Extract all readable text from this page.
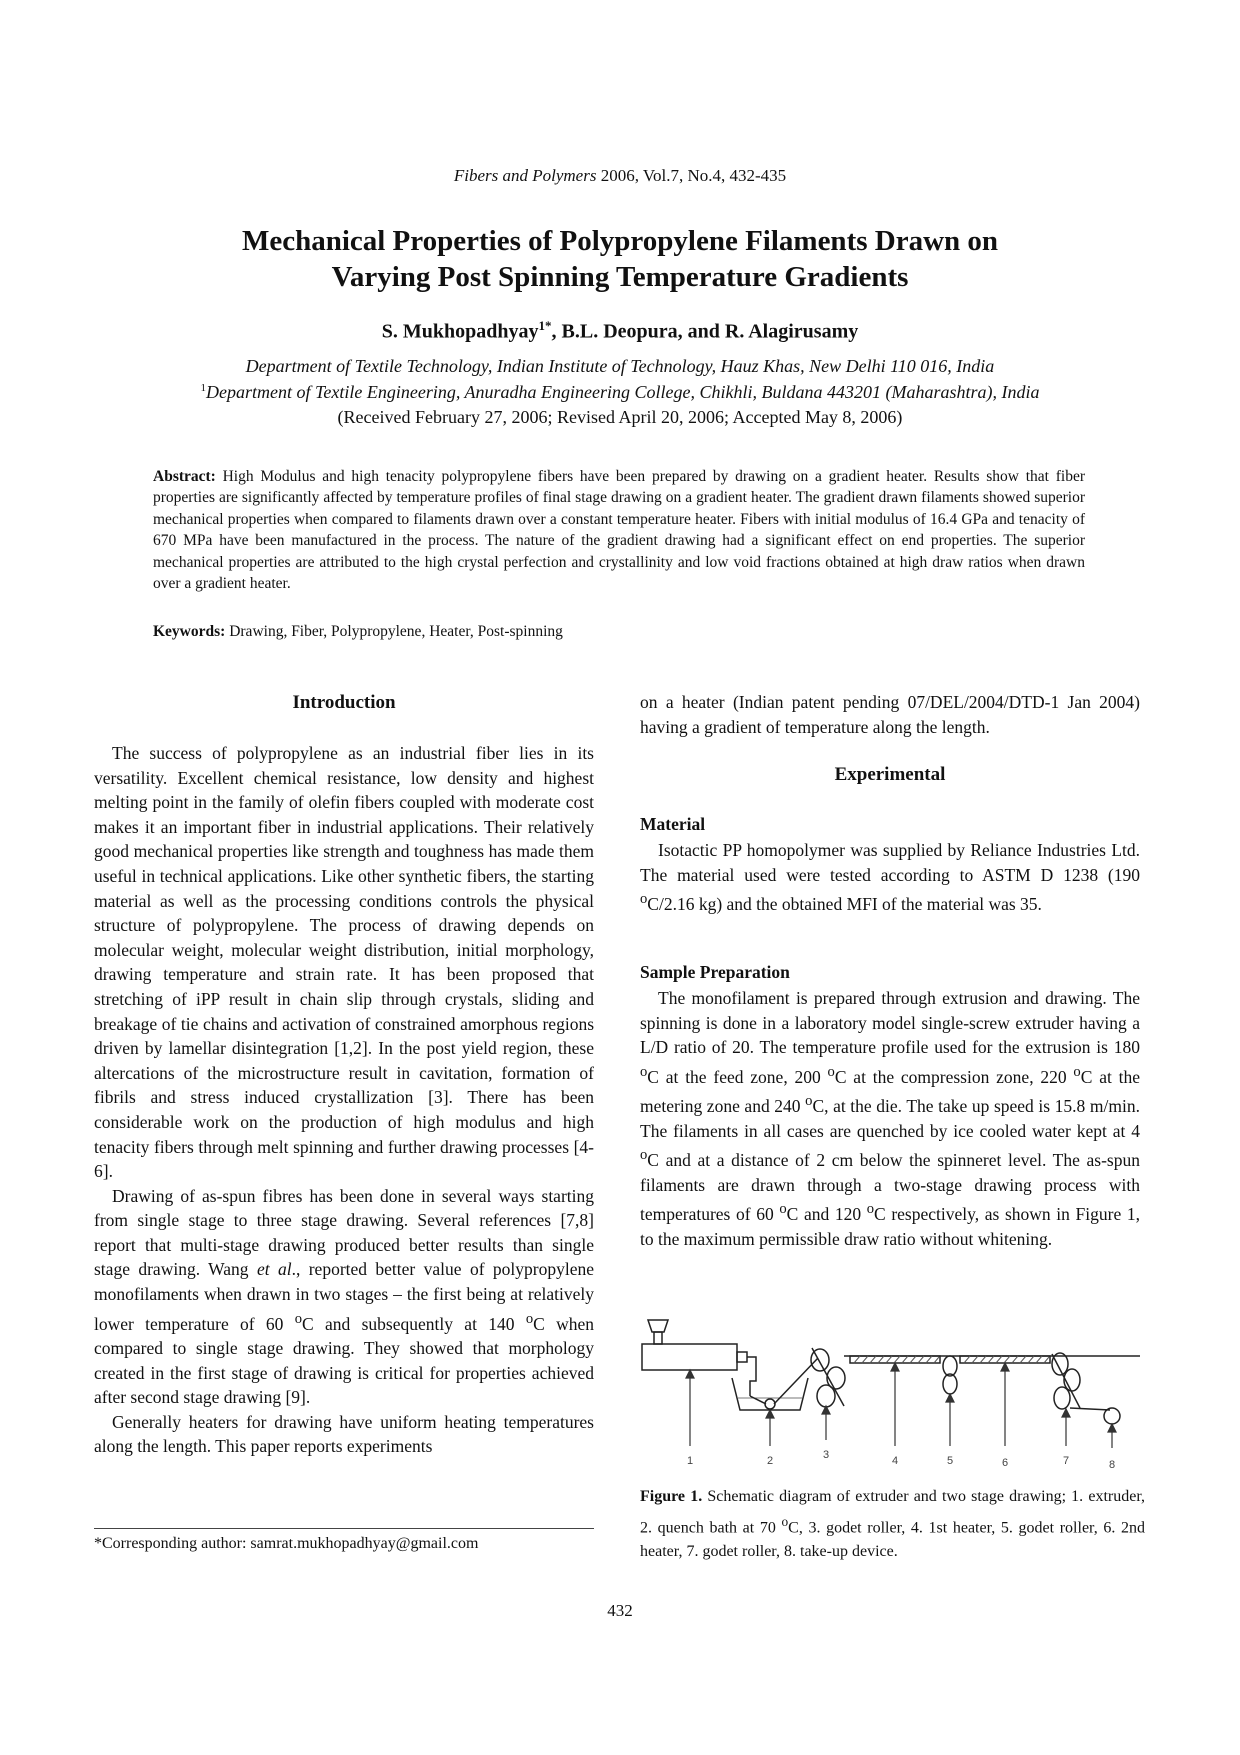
Fibers and Polymers 2006, Vol.7, No.4, 432-435
Mechanical Properties of Polypropylene Filaments Drawn on
Varying Post Spinning Temperature Gradients
S. Mukhopadhyay$^{1*}$, B.L. Deopura, and R. Alagirusamy
Department of Textile Technology, Indian Institute of Technology, Hauz Khas, New Delhi 110 016, India
$^1$Department of Textile Engineering, Anuradha Engineering College, Chikhli, Buldana 443201 (Maharashtra), India
(Received February 27, 2006; Revised April 20, 2006; Accepted May 8, 2006)
Abstract: High Modulus and high tenacity polypropylene fibers have been prepared by drawing on a gradient heater. Results show that fiber properties are significantly affected by temperature profiles of final stage drawing on a gradient heater. The gradient drawn filaments showed superior mechanical properties when compared to filaments drawn over a constant temperature heater. Fibers with initial modulus of 16.4 GPa and tenacity of 670 MPa have been manufactured in the process. The nature of the gradient drawing had a significant effect on end properties. The superior mechanical properties are attributed to the high crystal perfection and crystallinity and low void fractions obtained at high draw ratios when drawn over a gradient heater.
Keywords: Drawing, Fiber, Polypropylene, Heater, Post-spinning
Introduction

The success of polypropylene as an industrial fiber lies in its versatility. Excellent chemical resistance, low density and highest melting point in the family of olefin fibers coupled with moderate cost makes it an important fiber in industrial applications. Their relatively good mechanical properties like strength and toughness has made them useful in technical applications. Like other synthetic fibers, the starting material as well as the processing conditions controls the physical structure of polypropylene. The process of drawing depends on molecular weight, molecular weight distribution, initial morphology, drawing temperature and strain rate. It has been proposed that stretching of iPP result in chain slip through crystals, sliding and breakage of tie chains and activation of constrained amorphous regions driven by lamellar disintegration [1,2]. In the post yield region, these altercations of the microstructure result in cavitation, formation of fibrils and stress induced crystallization [3]. There has been considerable work on the production of high modulus and high tenacity fibers through melt spinning and further drawing processes [4-6].

Drawing of as-spun fibres has been done in several ways starting from single stage to three stage drawing. Several references [7,8] report that multi-stage drawing produced better results than single stage drawing. Wang et al., reported better value of polypropylene monofilaments when drawn in two stages – the first being at relatively lower temperature of 60 $^o$C and subsequently at 140 $^o$C when compared to single stage drawing. They showed that morphology created in the first stage of drawing is critical for properties achieved after second stage drawing [9].

Generally heaters for drawing have uniform heating temperatures along the length. This paper reports experiments

on a heater (Indian patent pending 07/DEL/2004/DTD-1 Jan 2004) having a gradient of temperature along the length.
Experimental
Material

Isotactic PP homopolymer was supplied by Reliance Industries Ltd. The material used were tested according to ASTM D 1238 (190 $^o$C/2.16 kg) and the obtained MFI of the material was 35.

Sample Preparation

The monofilament is prepared through extrusion and drawing. The spinning is done in a laboratory model single-screw extruder having a L/D ratio of 20. The temperature profile used for the extrusion is 180 $^o$C at the feed zone, 200 $^o$C at the compression zone, 220 $^o$C at the metering zone and 240 $^o$C, at the die. The take up speed is 15.8 m/min. The filaments in all cases are quenched by ice cooled water kept at 4 $^o$C and at a distance of 2 cm below the spinneret level. The as-spun filaments are drawn through a two-stage drawing process with temperatures of 60 $^o$C and 120 $^o$C respectively, as shown in Figure 1, to the maximum permissible draw ratio without whitening.

1	2	3	4	5	6	7	8
Figure 1. Schematic diagram of extruder and two stage drawing; 1. extruder, 2. quench bath at 70 $^o$C, 3. godet roller, 4. 1st heater, 5. godet roller, 6. 2nd heater, 7. godet roller, 8. take-up device.
*Corresponding author: samrat.mukhopadhyay@gmail.com
432
